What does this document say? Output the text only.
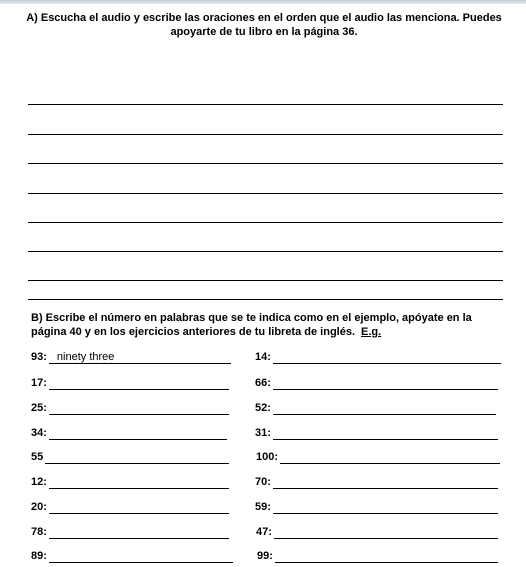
A) Escucha el audio y escribe las oraciones en el orden que el audio las menciona. Puedes apoyarte de tu libro en la página 36.
B) Escribe el número en palabras que se te indica como en el ejemplo, apóyate en la página 40 y en los ejercicios anteriores de tu libreta de inglés. E.g.
93: ninety three
17:
25:
34:
55
12:
20:
78:
89:
14:
66:
52:
31:
100:
70:
59:
47:
99:
